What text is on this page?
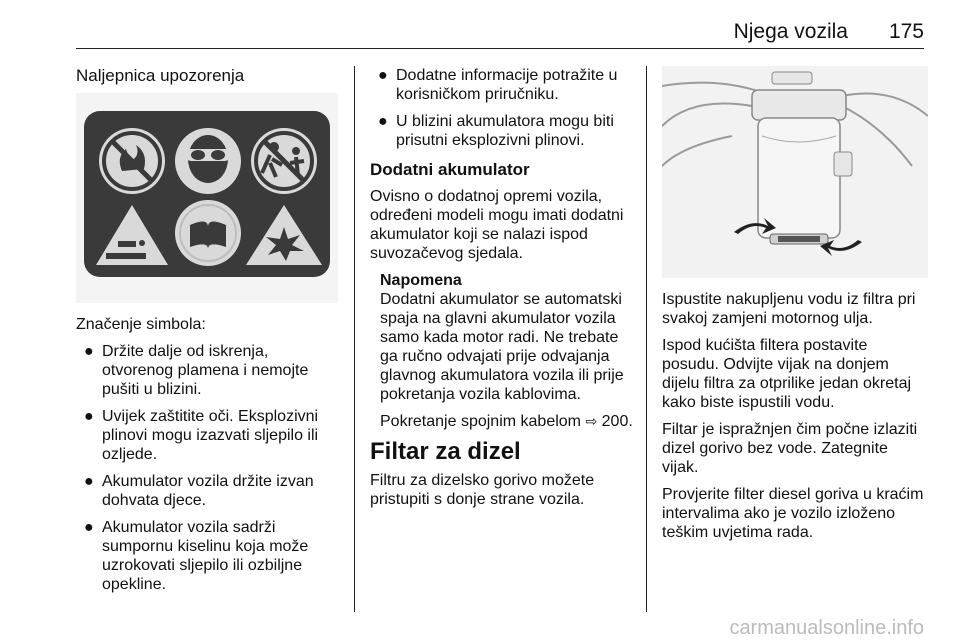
Njega vozila 175
Naljepnica upozorenja

Značenje simbola:

● Držite dalje od iskrenja, otvorenog plamena i nemojte pušiti u blizini.
● Uvijek zaštitite oči. Eksplozivni plinovi mogu izazvati sljepilo ili ozljede.
● Akumulator vozila držite izvan dohvata djece.
● Akumulator vozila sadrži sumpornu kiselinu koja može uzrokovati sljepilo ili ozbiljne opekline.
● Dodatne informacije potražite u korisničkom priručniku.
● U blizini akumulatora mogu biti prisutni eksplozivni plinovi.
Dodatni akumulator

Ovisno o dodatnoj opremi vozila, određeni modeli mogu imati dodatni akumulator koji se nalazi ispod suvozačevog sjedala.

Napomena

Dodatni akumulator se automatski spaja na glavni akumulator vozila samo kada motor radi. Ne trebate ga ručno odvajati prije odvajanja glavnog akumulatora vozila ili prije pokretanja vozila kablovima.

Pokretanje spojnim kabelom ⇨ 200.

Filtar za dizel

Filtru za dizelsko gorivo možete pristupiti s donje strane vozila.

Ispustite nakupljenu vodu iz filtra pri svakoj zamjeni motornog ulja.

Ispod kućišta filtera postavite posudu. Odvijte vijak na donjem dijelu filtra za otprilike jedan okretaj kako biste ispustili vodu.

Filtar je ispražnjen čim počne izlaziti dizel gorivo bez vode. Zategnite vijak.

Provjerite filter diesel goriva u kraćim intervalima ako je vozilo izloženo teškim uvjetima rada.

carmanualsonline.info
